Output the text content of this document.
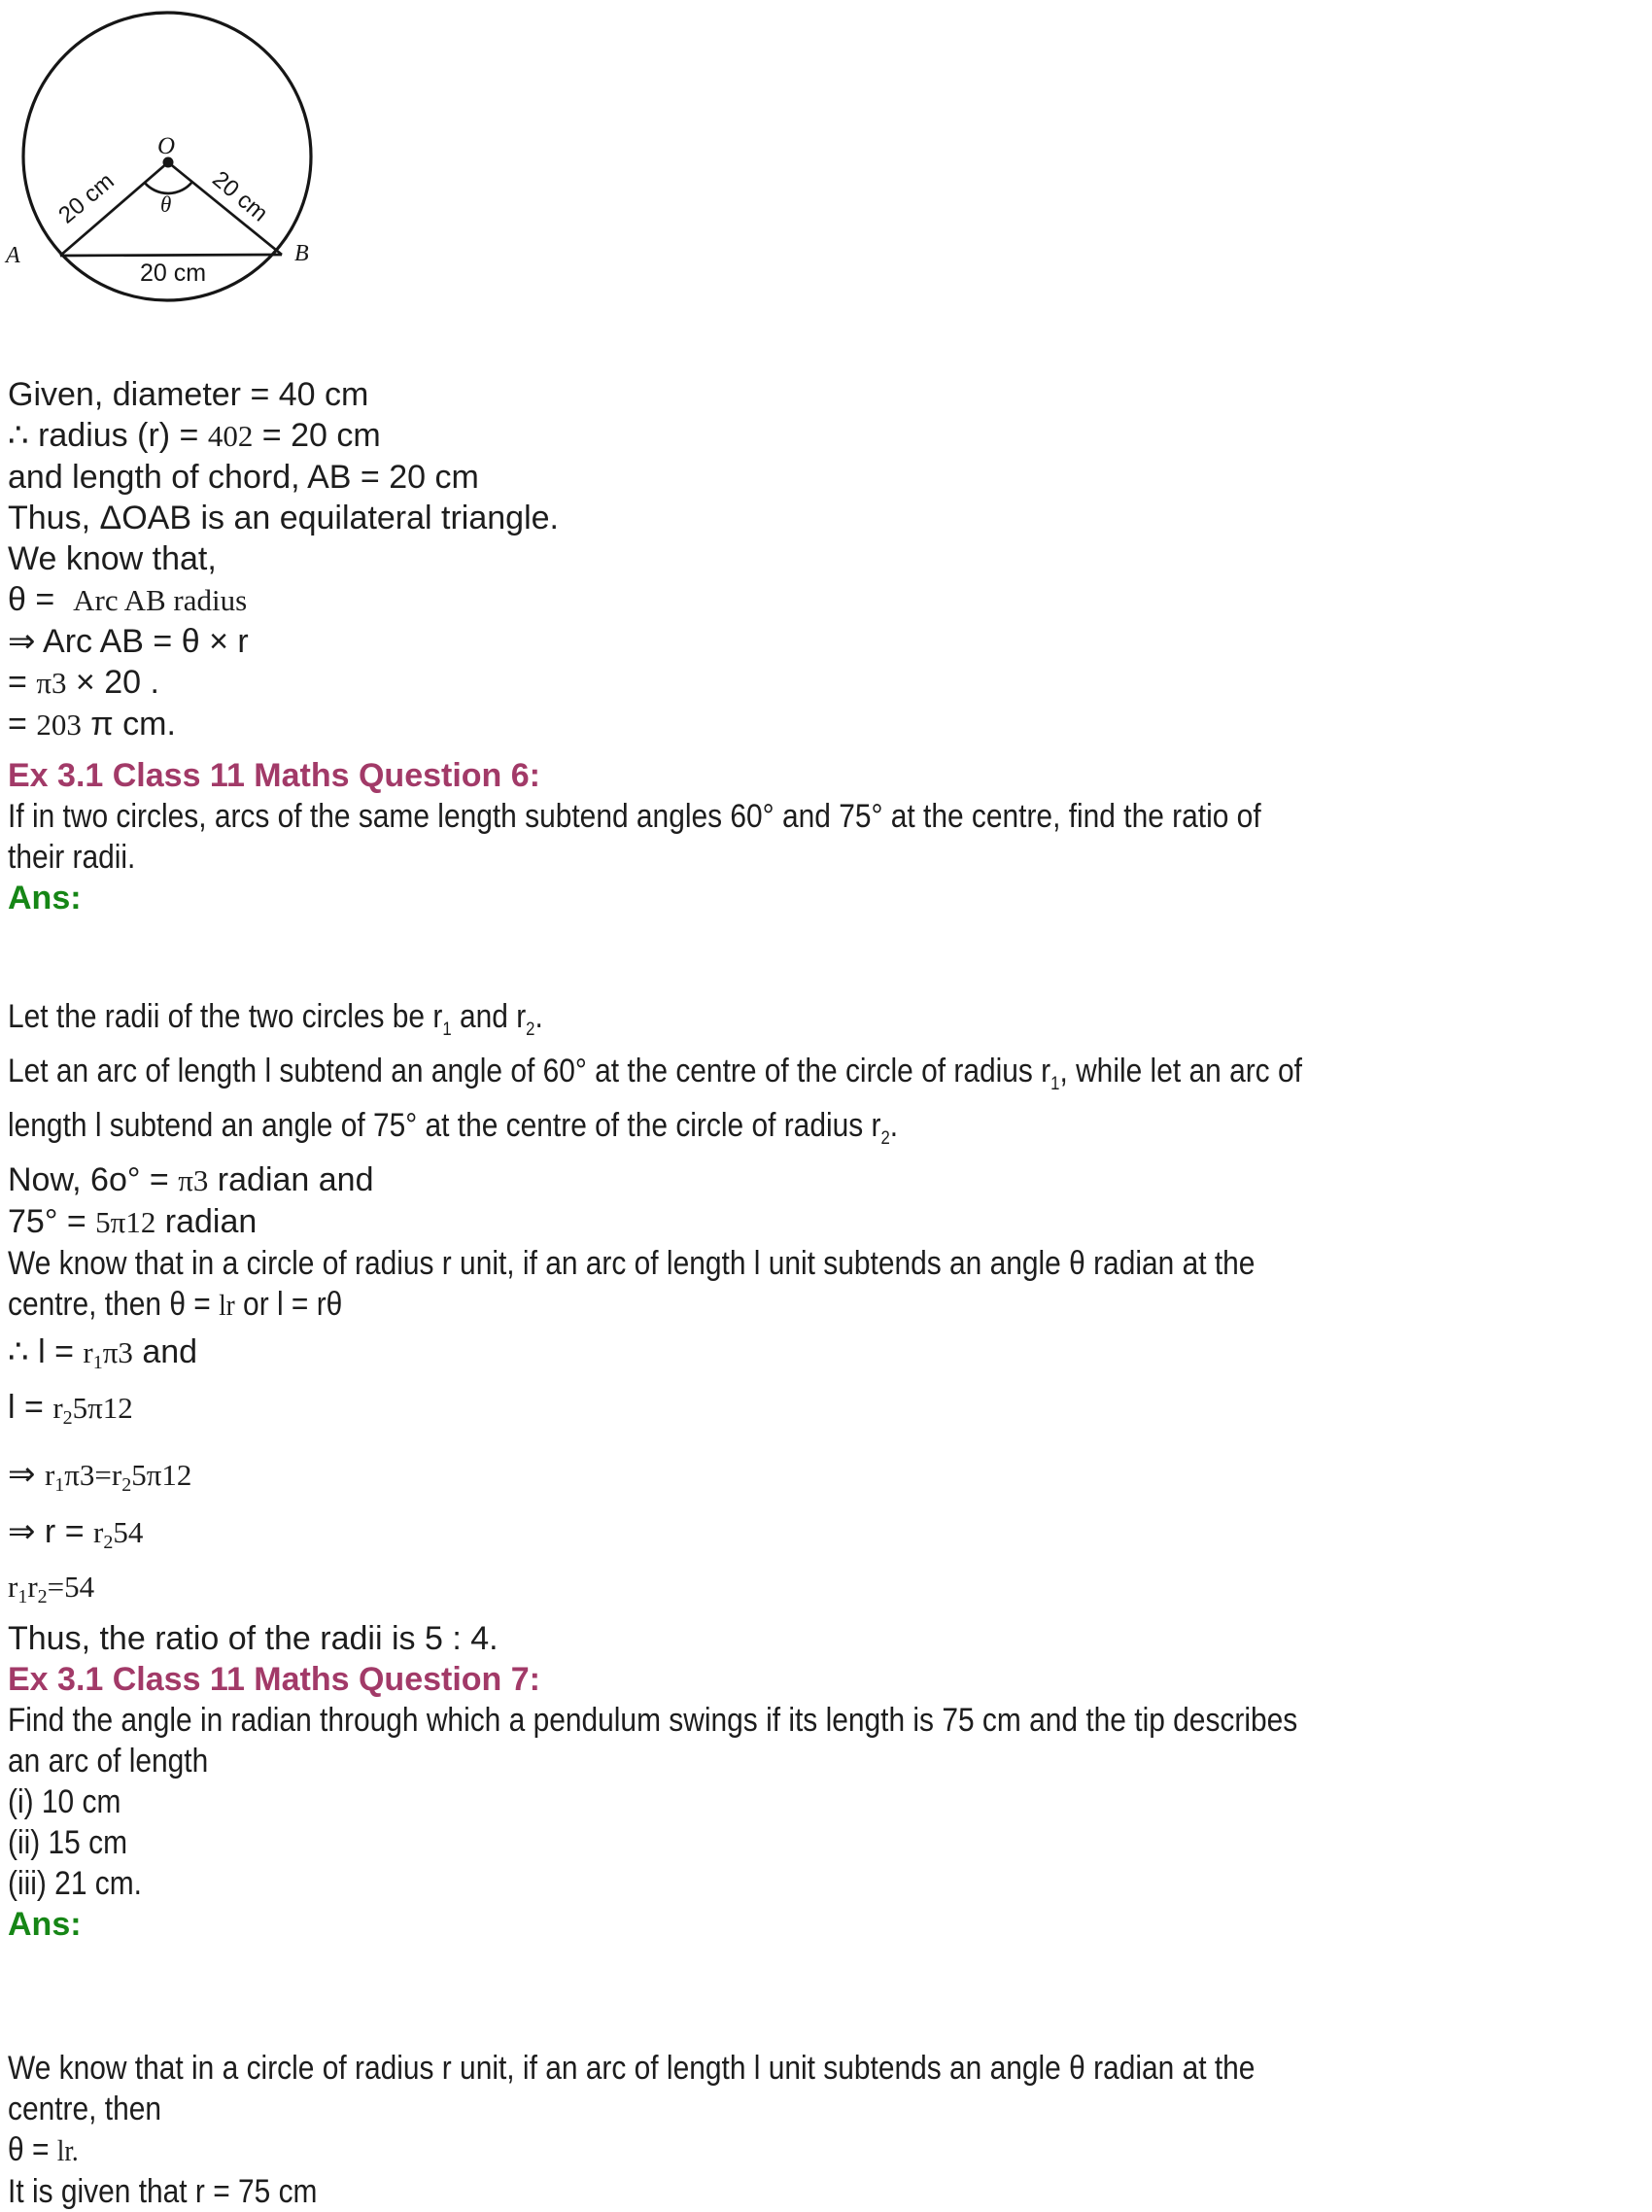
O
θ
A	B
20 cm
20 cm	20 cm
Given, diameter = 40 cm
∴ radius (r) = 402 = 20 cm
and length of chord, AB = 20 cm
Thus, ΔOAB is an equilateral triangle.
We know that,
θ =  Arc AB radius
⇒ Arc AB = θ × r
= π3 × 20 .
= 203 π cm.
Ex 3.1 Class 11 Maths Question 6:
If in two circles, arcs of the same length subtend angles 60° and 75° at the centre, find the ratio of
their radii.
Ans:
Let the radii of the two circles be $r_1$ and $r_2$.
Let an arc of length l subtend an angle of 60° at the centre of the circle of radius $r_1$, while let an arc of
length l subtend an angle of 75° at the centre of the circle of radius $r_2$.
Now, 6o° = π3 radian and
75° = 5π12 radian
We know that in a circle of radius r unit, if an arc of length l unit subtends an angle θ radian at the
centre, then θ = lr or l = rθ
∴ l = r1π3 and
l = r25π12
⇒ r1π3=r25π12
⇒ r = r254
r1r2=54
Thus, the ratio of the radii is 5 : 4.
Ex 3.1 Class 11 Maths Question 7:
Find the angle in radian through which a pendulum swings if its length is 75 cm and the tip describes
an arc of length
(i) 10 cm
(ii) 15 cm
(iii) 21 cm.
Ans:
We know that in a circle of radius r unit, if an arc of length l unit subtends an angle θ radian at the
centre, then
θ = lr.
It is given that r = 75 cm
